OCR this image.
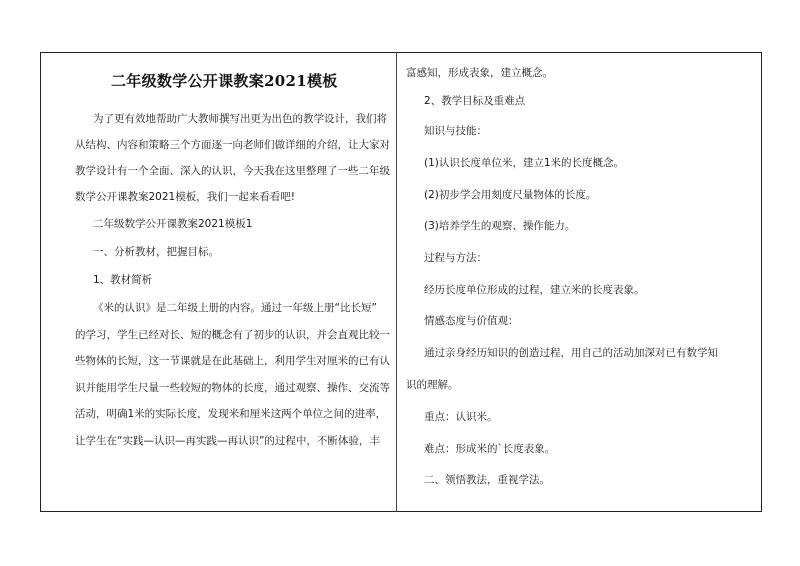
二年级数学公开课教案2021模板
为了更有效地帮助广大教师撰写出更为出色的教学设计，我们将
从结构、内容和策略三个方面逐一向老师们做详细的介绍，让大家对
教学设计有一个全面、深入的认识，今天我在这里整理了一些二年级
数学公开课教案2021模板，我们一起来看看吧!
二年级数学公开课教案2021模板1
一、分析教材，把握目标。
1、教材简析
《米的认识》是二年级上册的内容。通过一年级上册“比长短”
的学习，学生已经对长、短的概念有了初步的认识，并会直观比较一
些物体的长短，这一节课就是在此基础上，利用学生对厘米的已有认
识并能用学生尺量一些较短的物体的长度，通过观察、操作、交流等
活动，明确1米的实际长度，发现米和厘米这两个单位之间的进率，
让学生在“实践—认识—再实践—再认识”的过程中，不断体验，丰
富感知，形成表象，建立概念。
2、教学目标及重难点
知识与技能：
(1)认识长度单位米，建立1米的长度概念。
(2)初步学会用刻度尺量物体的长度。
(3)培养学生的观察、操作能力。
过程与方法：
经历长度单位形成的过程，建立米的长度表象。
情感态度与价值观：
通过亲身经历知识的创造过程，用自己的活动加深对已有数学知
识的理解。
重点：认识米。
难点：形成米的`长度表象。
二、领悟教法，重视学法。
